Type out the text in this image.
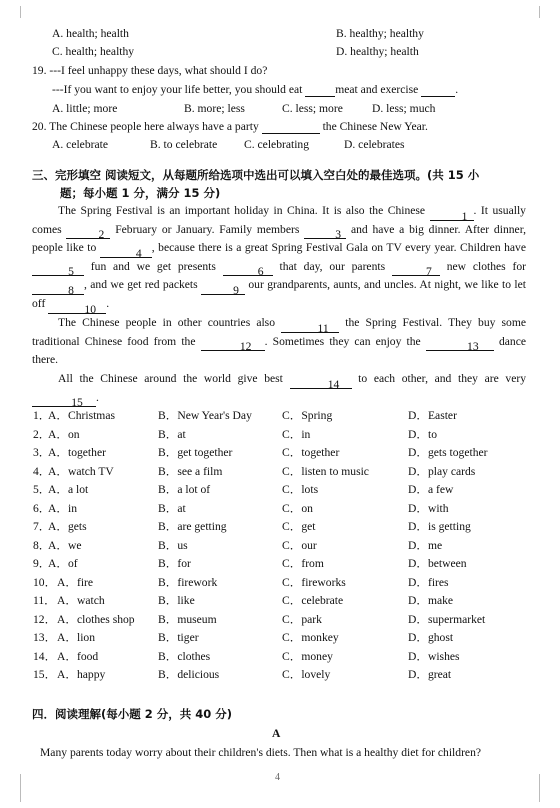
A. health; health	B. healthy; healthy
C. health; healthy	D. healthy; health
19. ---I feel unhappy these days, what should I do?
---If you want to enjoy your life better, you should eat	meat and exercise	.
A. little; more	B. more; less	C. less; more	D. less; much
20. The Chinese people here always have a party	the Chinese New Year.
A. celebrate	B. to celebrate C. celebrating	D. celebrates
三、完形填空 阅读短文，从每题所给选项中选出可以填入空白处的最佳选项。(共 15 小
题；每小题 1 分，满分 15 分)
The Spring Festival is an important holiday in China. It is also the Chinese	1 . It usually comes	2 February or January. Family members	3 and have a big dinner. After dinner, people like to	4 , because there is a great Spring Festival Gala on TV every year. Children have 5 fun and we get presents	6 that day, our parents	7 new clothes for 8 , and we get red packets	9 our grandparents, aunts, and uncles. At night, we like to let off	10 .
The Chinese people in other countries also	11 the Spring Festival. They buy some traditional Chinese food from the	12 . Sometimes they can enjoy the	13 dance there.
All the Chinese around the world give best	14 to each other, and they are very 15 .
1．
A．Christmas	B．New Year's Day	C．Spring	D．Easter
2．
A．on	B．at	C．in	D．to
3．
A．together	B．get together	C．together	D．gets together
4．
A．watch TV	B．see a film	C．listen to music	D．play cards
5．
A．a lot	B．a lot of	C．lots	D．a few
6．
A．in	B．at	C．on	D．with
7．
A．gets	B．are getting	C．get	D．is getting
8．
A．we	B．us	C．our	D．me
9．
A．of	B．for	C．from	D．between
10． A．fire	B．firework	C．fireworks	D．fires
11． A．watch	B．like	C．celebrate	D．make
12． A．clothes shop B．museum	C．park	D．supermarket
13． A．lion	B．tiger	C．monkey	D．ghost
14． A．food	B．clothes	C．money	D．wishes
15． A．happy	B．delicious	C．lovely	D．great
四．阅读理解(每小题 2 分，共 40 分)
A
Many parents today worry about their children's diets. Then what is a healthy diet for children?
4
